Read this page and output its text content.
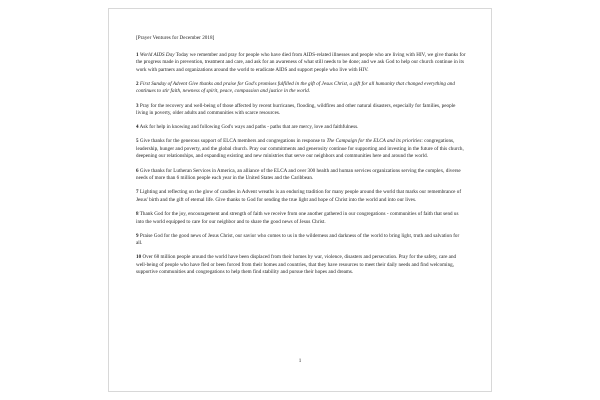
[Prayer Ventures for December 2018]
1 World AIDS Day Today we remember and pray for people who have died from AIDS-related illnesses and people who are living with HIV, we give thanks for the progress made in prevention, treatment and care, and ask for an awareness of what still needs to be done; and we ask God to help our church continue in its work with partners and organizations around the world to eradicate AIDS and support people who live with HIV.
2 First Sunday of Advent Give thanks and praise for God's promises fulfilled in the gift of Jesus Christ, a gift for all humanity that changed everything and continues to stir faith, newness of spirit, peace, compassion and justice in the world.
3 Pray for the recovery and well-being of those affected by recent hurricanes, flooding, wildfires and other natural disasters, especially for families, people living in poverty, older adults and communities with scarce resources.
4 Ask for help in knowing and following God's ways and paths - paths that are mercy, love and faithfulness.
5 Give thanks for the generous support of ELCA members and congregations in response to The Campaign for the ELCA and its priorities: congregations, leadership, hunger and poverty, and the global church. Pray our commitments and generosity continue for supporting and investing in the future of this church, deepening our relationships, and expanding existing and new ministries that serve our neighbors and communities here and around the world.
6 Give thanks for Lutheran Services in America, an alliance of the ELCA and over 300 health and human services organizations serving the complex, diverse needs of more than 6 million people each year in the United States and the Caribbean.
7 Lighting and reflecting on the glow of candles in Advent wreaths is an enduring tradition for many people around the world that marks our remembrance of Jesus' birth and the gift of eternal life. Give thanks to God for sending the true light and hope of Christ into the world and into our lives.
8 Thank God for the joy, encouragement and strength of faith we receive from one another gathered in our congregations - communities of faith that send us into the world equipped to care for our neighbor and to share the good news of Jesus Christ.
9 Praise God for the good news of Jesus Christ, our savior who comes to us in the wilderness and darkness of the world to bring light, truth and salvation for all.
10 Over 68 million people around the world have been displaced from their homes by war, violence, disasters and persecution. Pray for the safety, care and well-being of people who have fled or been forced from their homes and countries, that they have resources to meet their daily needs and find welcoming, supportive communities and congregations to help them find stability and pursue their hopes and dreams.
1
